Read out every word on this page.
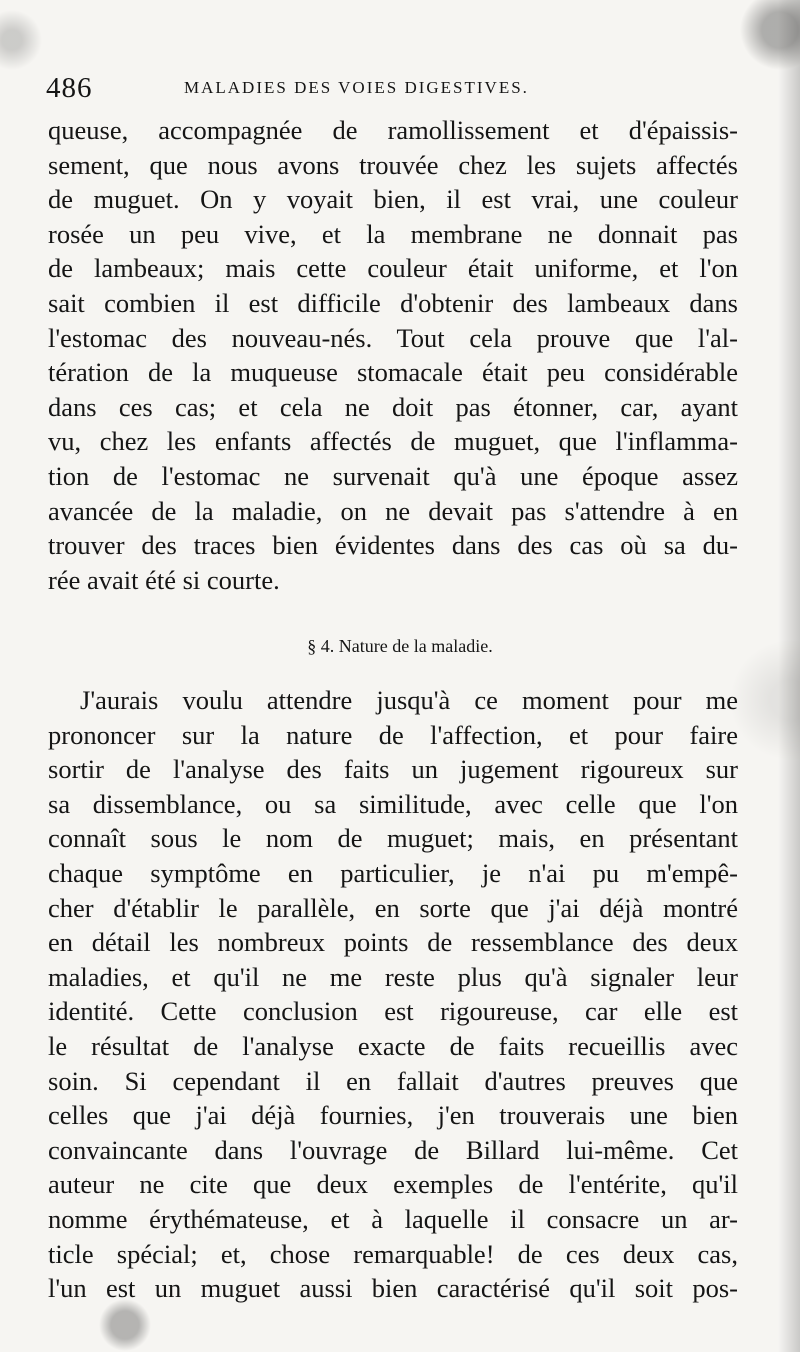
486	MALADIES DES VOIES DIGESTIVES.
queuse, accompagnée de ramollissement et d'épaissis-
sement, que nous avons trouvée chez les sujets affectés
de muguet. On y voyait bien, il est vrai, une couleur
rosée un peu vive, et la membrane ne donnait pas
de lambeaux; mais cette couleur était uniforme, et l'on
sait combien il est difficile d'obtenir des lambeaux dans
l'estomac des nouveau-nés. Tout cela prouve que l'al-
tération de la muqueuse stomacale était peu considérable
dans ces cas; et cela ne doit pas étonner, car, ayant
vu, chez les enfants affectés de muguet, que l'inflamma-
tion de l'estomac ne survenait qu'à une époque assez
avancée de la maladie, on ne devait pas s'attendre à en
trouver des traces bien évidentes dans des cas où sa du-
rée avait été si courte.
§ 4. Nature de la maladie.
J'aurais voulu attendre jusqu'à ce moment pour me
prononcer sur la nature de l'affection, et pour faire
sortir de l'analyse des faits un jugement rigoureux sur
sa dissemblance, ou sa similitude, avec celle que l'on
connaît sous le nom de muguet; mais, en présentant
chaque symptôme en particulier, je n'ai pu m'empê-
cher d'établir le parallèle, en sorte que j'ai déjà montré
en détail les nombreux points de ressemblance des deux
maladies, et qu'il ne me reste plus qu'à signaler leur
identité. Cette conclusion est rigoureuse, car elle est
le résultat de l'analyse exacte de faits recueillis avec
soin. Si cependant il en fallait d'autres preuves que
celles que j'ai déjà fournies, j'en trouverais une bien
convaincante dans l'ouvrage de Billard lui-même. Cet
auteur ne cite que deux exemples de l'entérite, qu'il
nomme érythémateuse, et à laquelle il consacre un ar-
ticle spécial; et, chose remarquable! de ces deux cas,
l'un est un muguet aussi bien caractérisé qu'il soit pos-
